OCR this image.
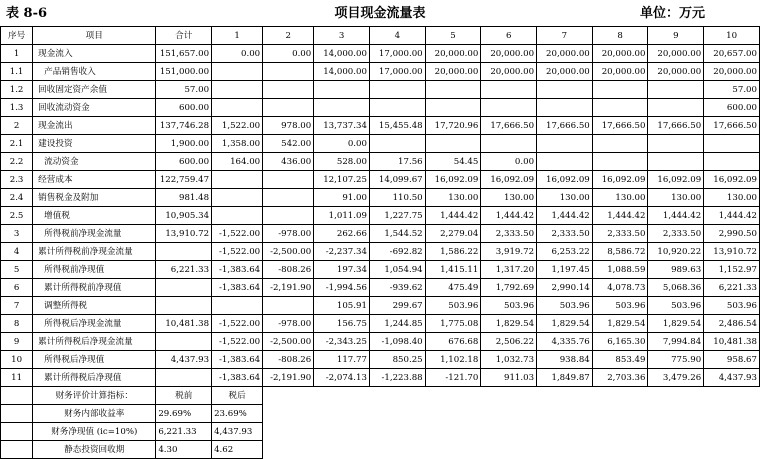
表 8-6	项目现金流量表	单位：万元
序号	项目	合计	1	2	3	4	5	6	7	8	9	10
1	现金流入	151,657.00	0.00	0.00	14,000.00	17,000.00	20,000.00	20,000.00	20,000.00	20,000.00	20,000.00	20,657.00
1.1	产品销售收入	151,000.00			14,000.00	17,000.00	20,000.00	20,000.00	20,000.00	20,000.00	20,000.00	20,000.00
1.2	回收固定资产余值	57.00										57.00
1.3	回收流动资金	600.00										600.00
2	现金流出	137,746.28	1,522.00	978.00	13,737.34	15,455.48	17,720.96	17,666.50	17,666.50	17,666.50	17,666.50	17,666.50
2.1	建设投资	1,900.00	1,358.00	542.00	0.00							
2.2	流动资金	600.00	164.00	436.00	528.00	17.56	54.45	0.00				
2.3	经营成本	122,759.47			12,107.25	14,099.67	16,092.09	16,092.09	16,092.09	16,092.09	16,092.09	16,092.09
2.4	销售税金及附加	981.48			91.00	110.50	130.00	130.00	130.00	130.00	130.00	130.00
2.5	增值税	10,905.34			1,011.09	1,227.75	1,444.42	1,444.42	1,444.42	1,444.42	1,444.42	1,444.42
3	所得税前净现金流量	13,910.72	-1,522.00	-978.00	262.66	1,544.52	2,279.04	2,333.50	2,333.50	2,333.50	2,333.50	2,990.50
4	累计所得税前净现金流量		-1,522.00	-2,500.00	-2,237.34	-692.82	1,586.22	3,919.72	6,253.22	8,586.72	10,920.22	13,910.72
5	所得税前净现值	6,221.33	-1,383.64	-808.26	197.34	1,054.94	1,415.11	1,317.20	1,197.45	1,088.59	989.63	1,152.97
6	累计所得税前净现值		-1,383.64	-2,191.90	-1,994.56	-939.62	475.49	1,792.69	2,990.14	4,078.73	5,068.36	6,221.33
7	调整所得税				105.91	299.67	503.96	503.96	503.96	503.96	503.96	503.96
8	所得税后净现金流量	10,481.38	-1,522.00	-978.00	156.75	1,244.85	1,775.08	1,829.54	1,829.54	1,829.54	1,829.54	2,486.54
9	累计所得税后净现金流量		-1,522.00	-2,500.00	-2,343.25	-1,098.40	676.68	2,506.22	4,335.76	6,165.30	7,994.84	10,481.38
10	所得税后净现值	4,437.93	-1,383.64	-808.26	117.77	850.25	1,102.18	1,032.73	938.84	853.49	775.90	958.67
11	累计所得税后净现值		-1,383.64	-2,191.90	-2,074.13	-1,223.88	-121.70	911.03	1,849.87	2,703.36	3,479.26	4,437.93
	财务评价计算指标：	税前	税后									
	财务内部收益率	29.69%	23.69%									
	财务净现值 (ic=10%)	6,221.33	4,437.93									
	静态投资回收期	4.30	4.62									
